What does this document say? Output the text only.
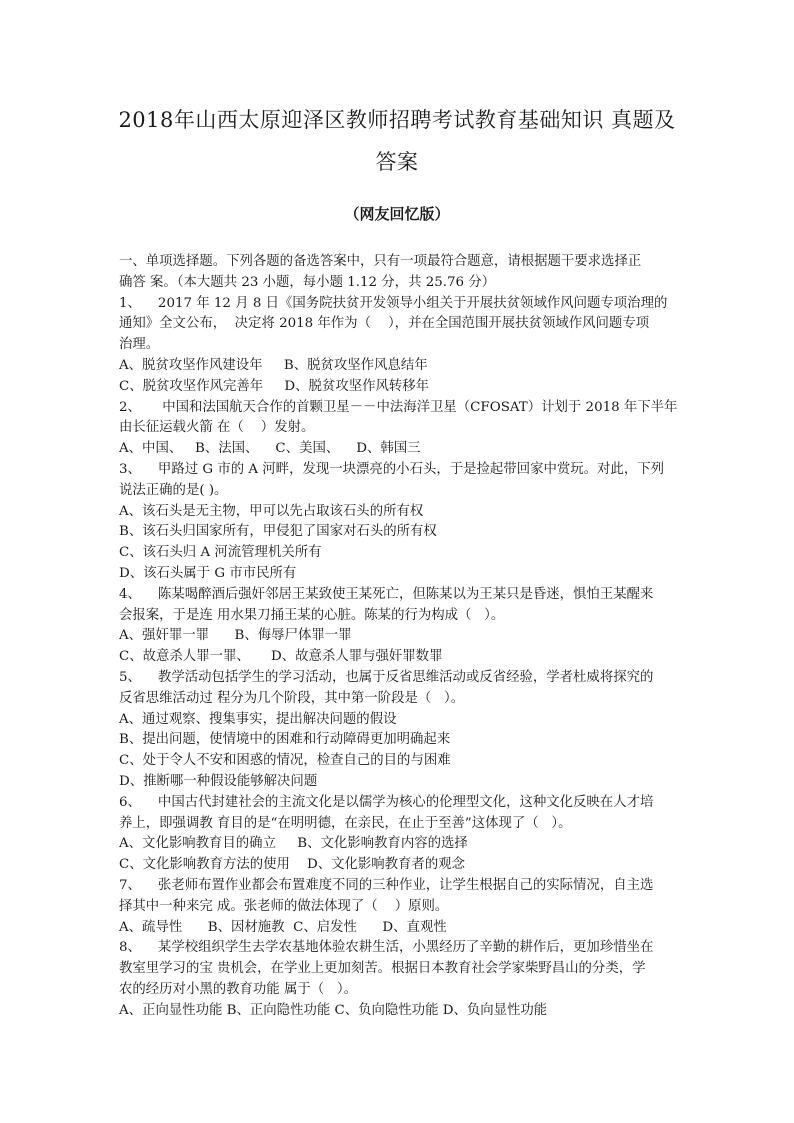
2018年山西太原迎泽区教师招聘考试教育基础知识 真题及
答案
（网友回忆版）

一、单项选择题。下列各题的备选答案中，只有一项最符合题意，请根据题干要求选择正

确答 案。（本大题共 23 小题，每小题 1.12 分，共 25.76 分）

1、    2017 年 12 月 8 日《国务院扶贫开发领导小组关于开展扶贫领域作风问题专项治理的

通知》全文公布，  决定将 2018 年作为（    ），并在全国范围开展扶贫领域作风问题专项

治理。

A、脱贫攻坚作风建设年     B、脱贫攻坚作风息结年

C、脱贫攻坚作风完善年     D、脱贫攻坚作风转移年

2、     中国和法国航天合作的首颗卫星－－中法海洋卫星（CFOSAT）计划于 2018 年下半年

由长征运载火箭 在（    ）发射。

A、中国、   B、法国、    C、美国、    D、韩国三

3、    甲路过 G 市的 A 河畔，发现一块漂亮的小石头，于是捡起带回家中赏玩。对此，下列

说法正确的是( )。

A、该石头是无主物，甲可以先占取该石头的所有权

B、该石头归国家所有，甲侵犯了国家对石头的所有权

C、该石头归 A 河流管理机关所有

D、该石头属于 G 市市民所有

4、    陈某喝醉酒后强奸邻居王某致使王某死亡，但陈某以为王某只是昏迷，惧怕王某醒来

会报案，于是连 用水果刀捅王某的心脏。陈某的行为构成（   ）。

A、强奸罪一罪      B、侮辱尸体罪一罪

C、故意杀人罪一罪、     D、故意杀人罪与强奸罪数罪

5、    教学活动包括学生的学习活动，也属于反省思维活动或反省经验，学者杜威将探究的

反省思维活动过 程分为几个阶段，其中第一阶段是（   ）。

A、通过观察、搜集事实，提出解决问题的假设

B、提出问题，使情境中的困难和行动障碍更加明确起来

C、处于令人不安和困惑的情况，检查自己的目的与困难

D、推断哪一种假设能够解决问题

6、    中国古代封建社会的主流文化是以儒学为核心的伦理型文化，这种文化反映在人才培

养上，即强调教 育目的是“在明明德，在亲民，在止于至善”这体现了（   ）。

A、文化影响教育目的确立     B、文化影响教育内容的选择

C、文化影响教育方法的使用    D、文化影响教育者的观念

7、    张老师布置作业都会布置难度不同的三种作业，让学生根据自己的实际情况，自主选

择其中一种来完 成。张老师的做法体现了（    ）原则。

A、疏导性      B、因材施教  C、启发性      D、直观性

8、    某学校组织学生去学农基地体验农耕生活，小黑经历了辛勤的耕作后，更加珍惜坐在

教室里学习的宝 贵机会，在学业上更加刻苦。根据日本教育社会学家柴野昌山的分类，学

农的经历对小黑的教育功能 属于（   ）。

A、正向显性功能 B、正向隐性功能 C、负向隐性功能 D、负向显性功能
